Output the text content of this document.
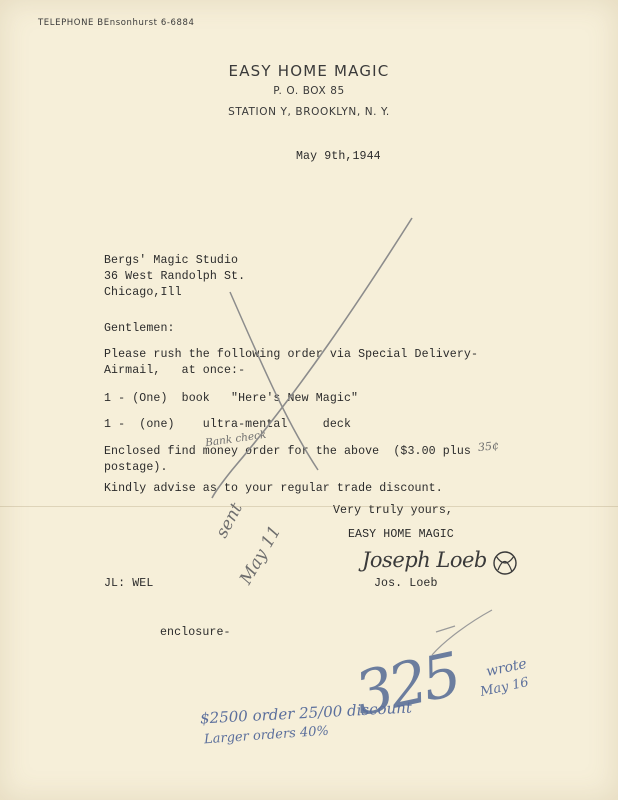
TELEPHONE BEnsonhurst 6-6884
EASY HOME MAGIC
P. O. BOX 85
STATION Y, BROOKLYN, N. Y.
May 9th,1944
Bergs' Magic Studio
36 West Randolph St.
Chicago,Ill
Gentlemen:
Please rush the following order via Special Delivery-
Airmail,   at once:-
1 - (One)  book   "Here's New Magic"
1 -  (one)    ultra-mental     deck
Enclosed find money order for the above  ($3.00 plus
postage).
Kindly advise as to your regular trade discount.
Very truly yours,
EASY HOME MAGIC
Joseph Loeb
Jos. Loeb
JL: WEL
enclosure-
Bank check	35¢
sent
May 11
325 wrote
May 16
$2500 order 25/00 discount
Larger orders 40%
